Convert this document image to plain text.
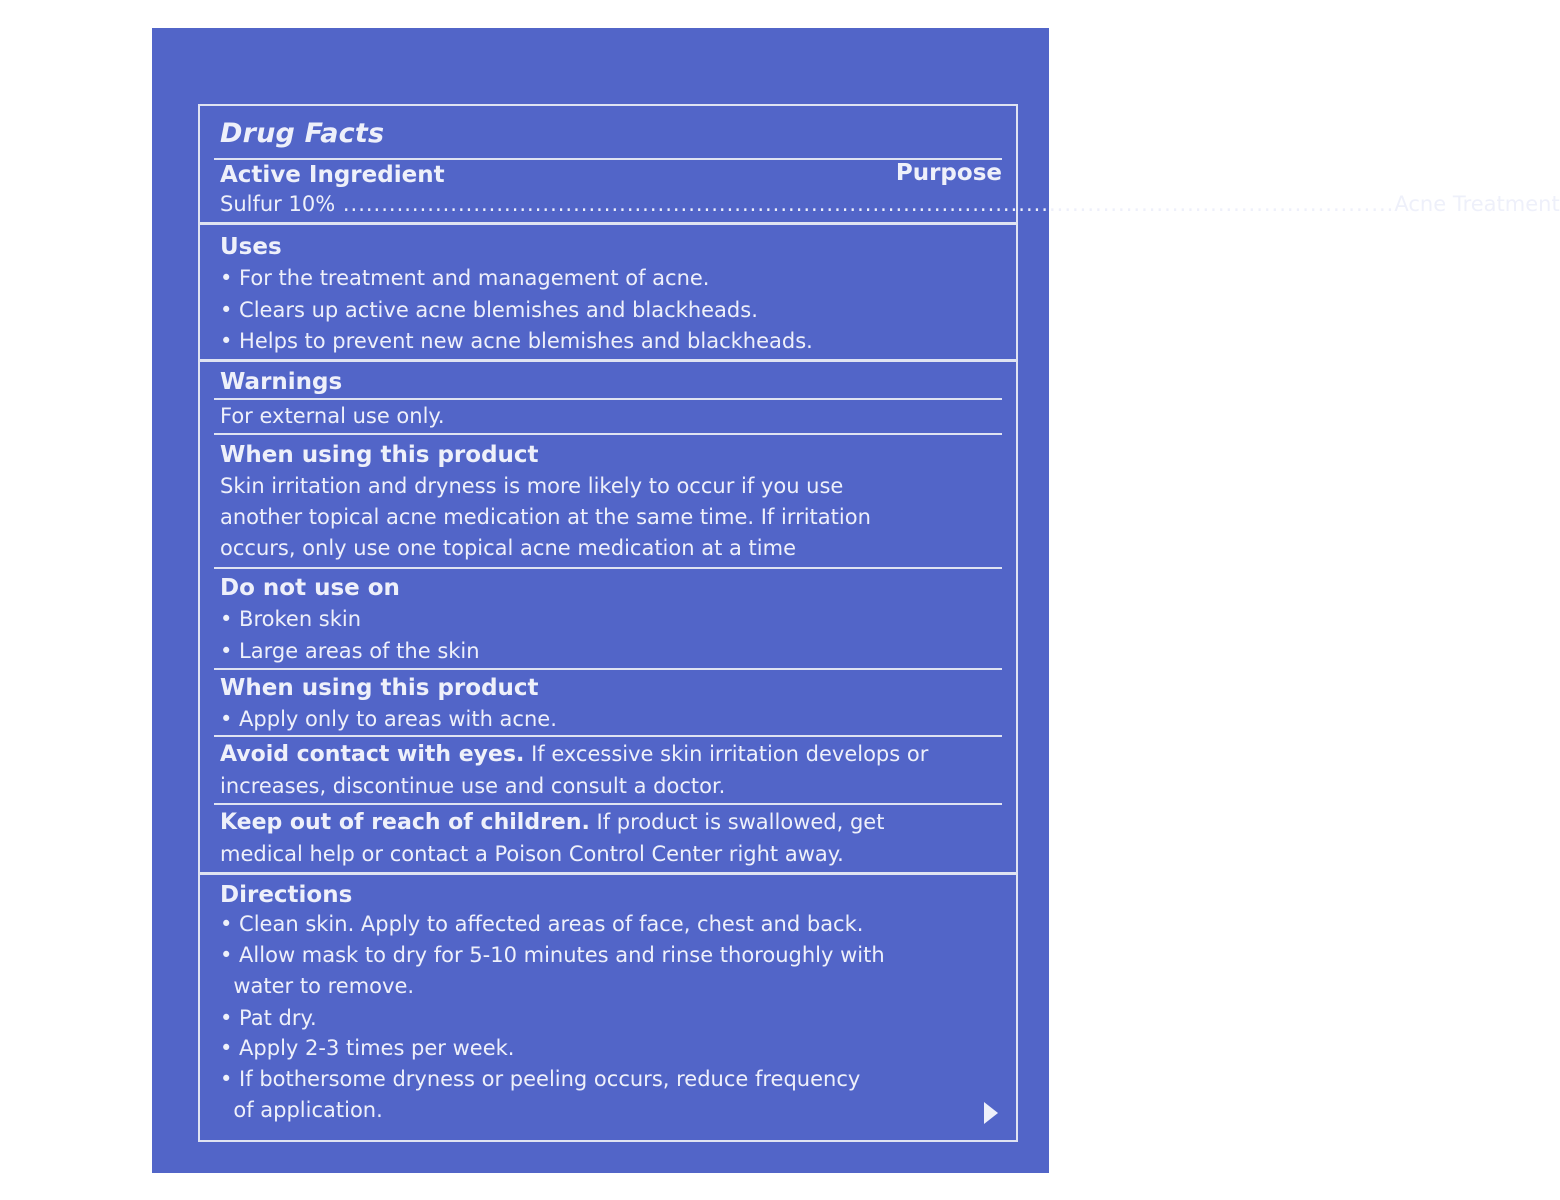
Drug Facts
Active Ingredient	Purpose
Sulfur 10% ......................................................................................................................................... Acne Treatment
Uses
• For the treatment and management of acne.
• Clears up active acne blemishes and blackheads.
• Helps to prevent new acne blemishes and blackheads.
Warnings
For external use only.
When using this product
Skin irritation and dryness is more likely to occur if you use
another topical acne medication at the same time. If irritation
occurs, only use one topical acne medication at a time
Do not use on
• Broken skin
• Large areas of the skin
When using this product
• Apply only to areas with acne.
Avoid contact with eyes. If excessive skin irritation develops or
increases, discontinue use and consult a doctor.
Keep out of reach of children. If product is swallowed, get
medical help or contact a Poison Control Center right away.
Directions
• Clean skin. Apply to affected areas of face, chest and back.
• Allow mask to dry for 5-10 minutes and rinse thoroughly with
water to remove.
• Pat dry.
• Apply 2-3 times per week.
• If bothersome dryness or peeling occurs, reduce frequency
of application.
